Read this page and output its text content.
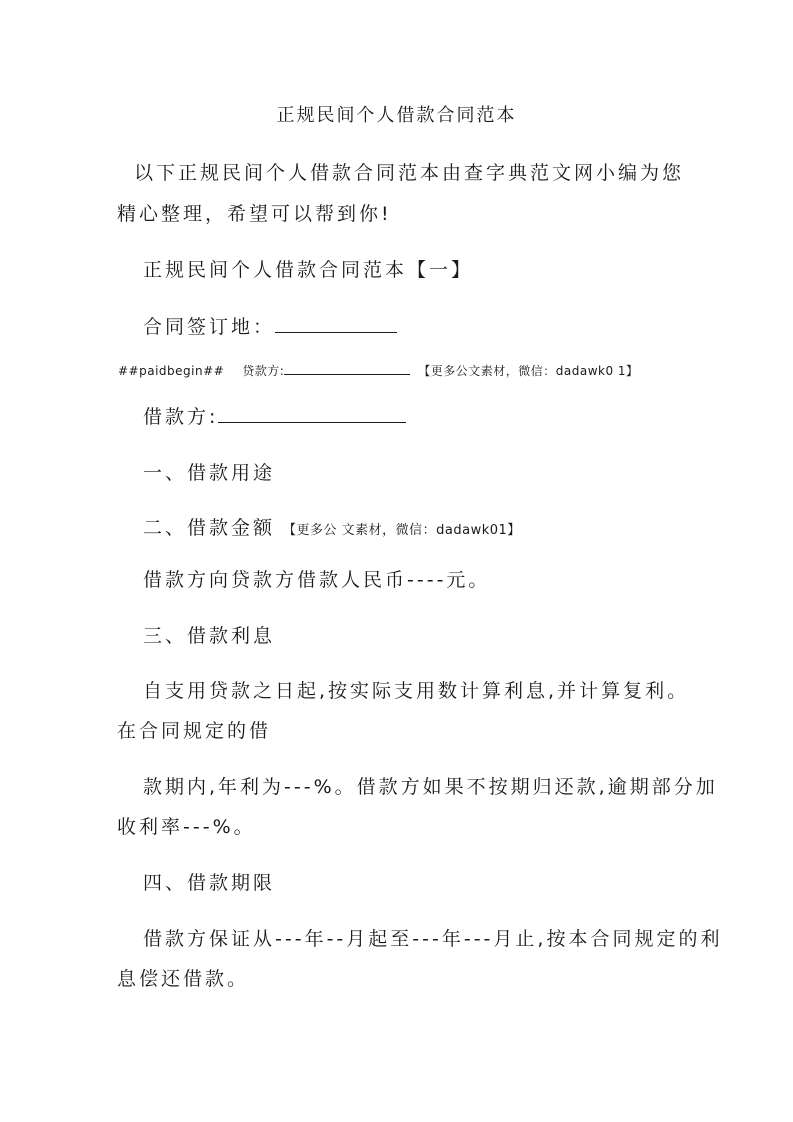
正规民间个人借款合同范本

以下正规民间个人借款合同范本由查字典范文网小编为您

精心整理，希望可以帮到你!

正规民间个人借款合同范本【一】

合同签订地：

##paidbegin## 贷款方:	【更多公文素材，微信：dadawk0 1】

借款方:

一、借款用途

二、借款金额 【更多公 文素材，微信：dadawk01】

借款方向贷款方借款人民币----元。

三、借款利息

自支用贷款之日起,按实际支用数计算利息,并计算复利。

在合同规定的借

款期内,年利为---%。借款方如果不按期归还款,逾期部分加

收利率---%。

四、借款期限

借款方保证从---年--月起至---年---月止,按本合同规定的利

息偿还借款。
